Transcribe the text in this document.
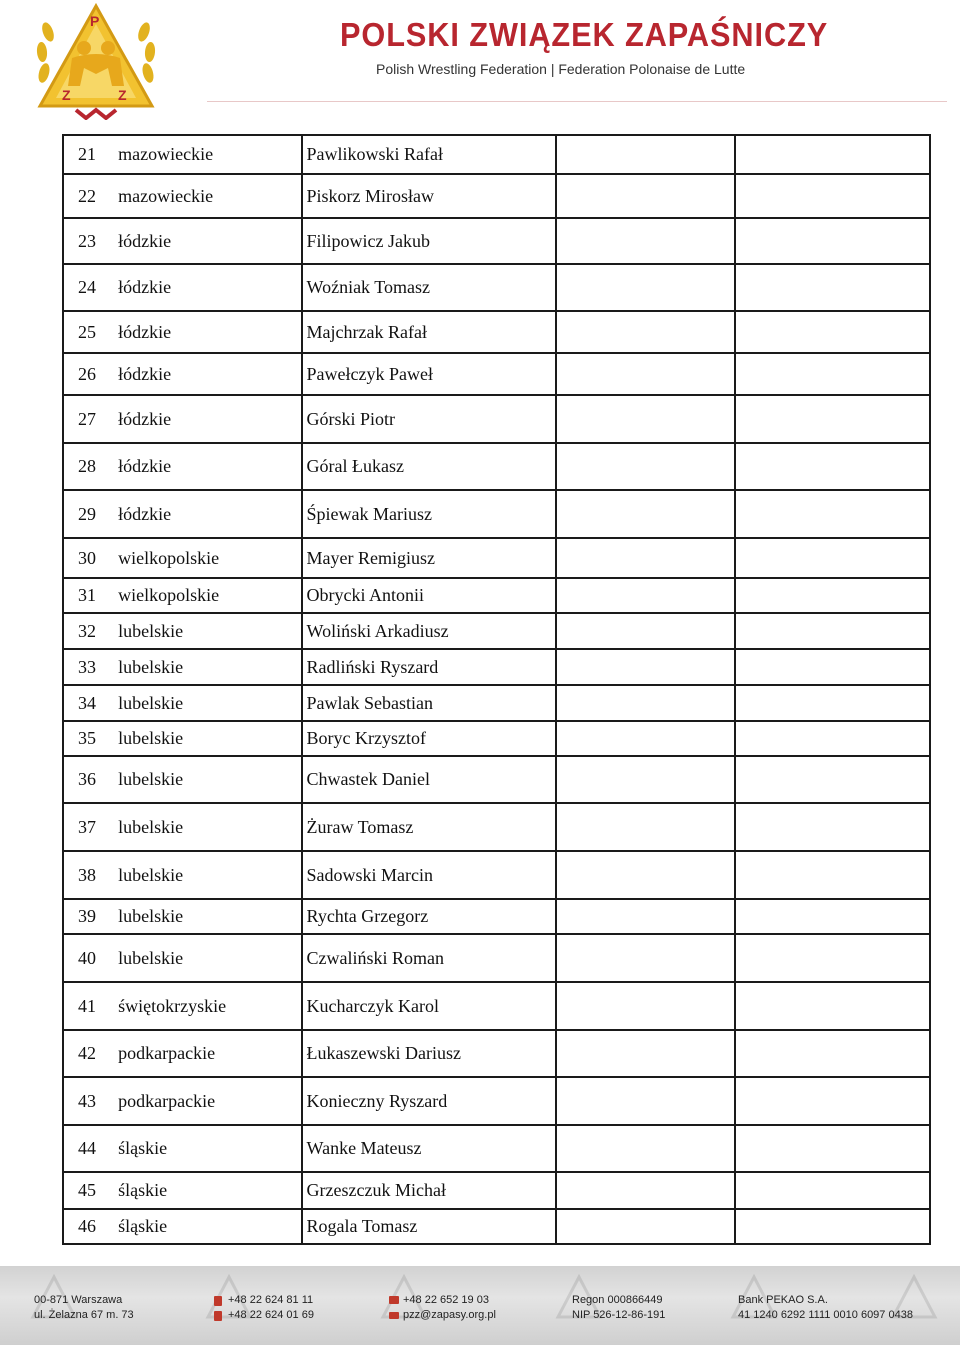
P
Z	Z
POLSKI ZWIĄZEK ZAPAŚNICZY
Polish Wrestling Federation | Federation Polonaise de Lutte
21	mazowieckie	Pawlikowski Rafał		
22	mazowieckie	Piskorz Mirosław		
23	łódzkie	Filipowicz Jakub		
24	łódzkie	Woźniak Tomasz		
25	łódzkie	Majchrzak Rafał		
26	łódzkie	Pawełczyk Paweł		
27	łódzkie	Górski Piotr		
28	łódzkie	Góral Łukasz		
29	łódzkie	Śpiewak Mariusz		
30	wielkopolskie	Mayer Remigiusz		
31	wielkopolskie	Obrycki Antonii		
32	lubelskie	Woliński Arkadiusz		
33	lubelskie	Radliński Ryszard		
34	lubelskie	Pawlak Sebastian		
35	lubelskie	Boryc Krzysztof		
36	lubelskie	Chwastek Daniel		
37	lubelskie	Żuraw Tomasz		
38	lubelskie	Sadowski Marcin		
39	lubelskie	Rychta Grzegorz		
40	lubelskie	Czwaliński Roman		
41	świętokrzyskie	Kucharczyk Karol		
42	podkarpackie	Łukaszewski Dariusz		
43	podkarpackie	Konieczny Ryszard		
44	śląskie	Wanke Mateusz		
45	śląskie	Grzeszczuk Michał		
46	śląskie	Rogala Tomasz		
00-871 Warszawa
ul. Żelazna 67 m. 73
+48 22 624 81 11
+48 22 624 01 69
+48 22 652 19 03
pzz@zapasy.org.pl
Regon 000866449
NIP 526-12-86-191
Bank PEKAO S.A.
41 1240 6292 1111 0010 6097 0438
